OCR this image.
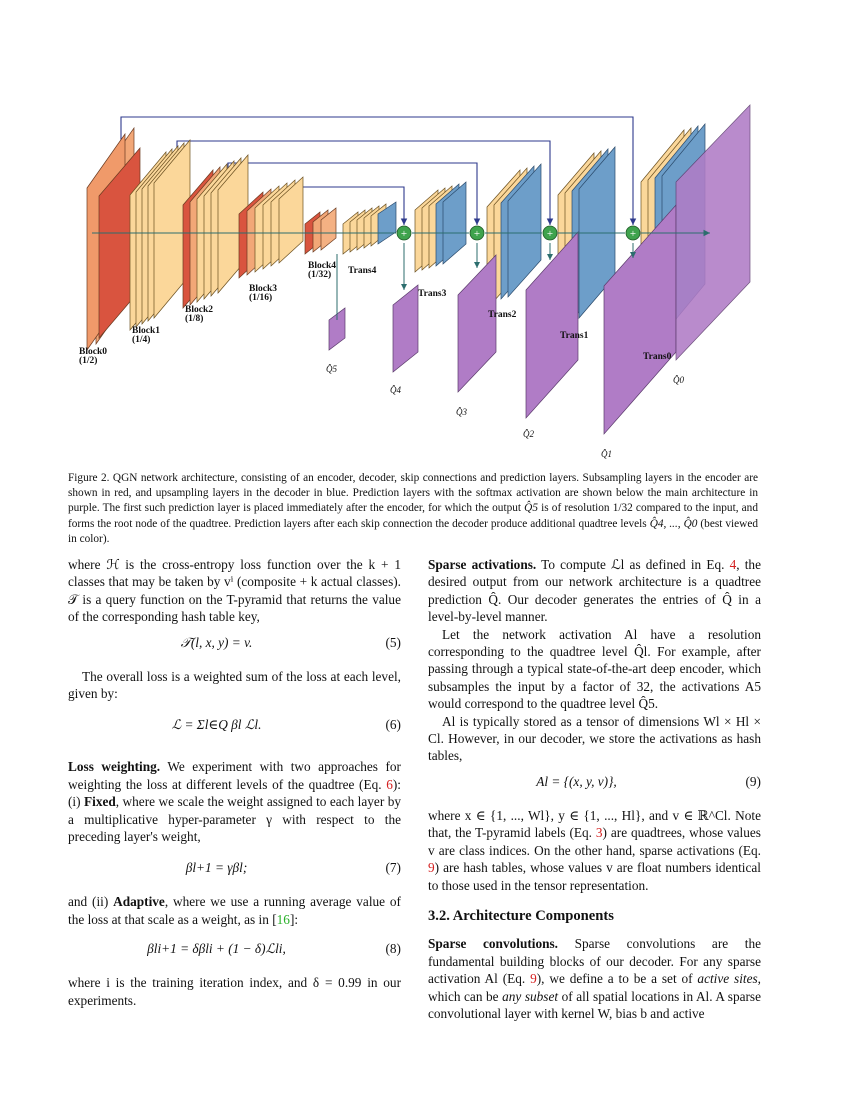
+	+	+	+
Block0
(1/2)
Block1
(1/4)
Block2
(1/8)
Block3
(1/16)
Block4
(1/32) Trans4
Trans3
Trans2
Trans1
Trans0
Q̂5
Q̂4
Q̂3
Q̂2
Q̂1
Q̂0
Figure 2. QGN network architecture, consisting of an encoder, decoder, skip connections and prediction layers. Subsampling layers in the encoder are shown in red, and upsampling layers in the decoder in blue. Prediction layers with the softmax activation are shown below the main architecture in purple. The first such prediction layer is placed immediately after the encoder, for which the output Q̂5 is of resolution 1/32 compared to the input, and forms the root node of the quadtree. Prediction layers after each skip connection the decoder produce additional quadtree levels Q̂4, ..., Q̂0 (best viewed in color).

where ℋ is the cross-entropy loss function over the k + 1 classes that may be taken by vⁱ (composite + k actual classes). 𝒯 is a query function on the T-pyramid that returns the value of the corresponding hash table key,

𝒯(l, x, y) = v.	(5)

The overall loss is a weighted sum of the loss at each level, given by:

ℒ = Σl∈Q βl ℒl.	(6)

Loss weighting. We experiment with two approaches for weighting the loss at different levels of the quadtree (Eq. 6): (i) Fixed, where we scale the weight assigned to each layer by a multiplicative hyper-parameter γ with respect to the preceding layer's weight,

βl+1 = γβl;	(7)

and (ii) Adaptive, where we use a running average value of the loss at that scale as a weight, as in [16]:

βli+1 = δβli + (1 − δ)ℒli,	(8)

where i is the training iteration index, and δ = 0.99 in our experiments.

Sparse activations. To compute ℒl as defined in Eq. 4, the desired output from our network architecture is a quadtree prediction Q̂. Our decoder generates the entries of Q̂ in a level-by-level manner.

Let the network activation Al have a resolution corresponding to the quadtree level Q̂l. For example, after passing through a typical state-of-the-art deep encoder, which subsamples the input by a factor of 32, the activations A5 would correspond to the quadtree level Q̂5.

Al is typically stored as a tensor of dimensions Wl × Hl × Cl. However, in our decoder, we store the activations as hash tables,

Al = {(x, y, v)},	(9)

where x ∈ {1, ..., Wl}, y ∈ {1, ..., Hl}, and v ∈ ℝ^Cl. Note that, the T-pyramid labels (Eq. 3) are quadtrees, whose values v are class indices. On the other hand, sparse activations (Eq. 9) are hash tables, whose values v are float numbers identical to those used in the tensor representation.

3.2. Architecture Components

Sparse convolutions. Sparse convolutions are the fundamental building blocks of our decoder. For any sparse activation Al (Eq. 9), we define a to be a set of active sites, which can be any subset of all spatial locations in Al. A sparse convolutional layer with kernel W, bias b and active
